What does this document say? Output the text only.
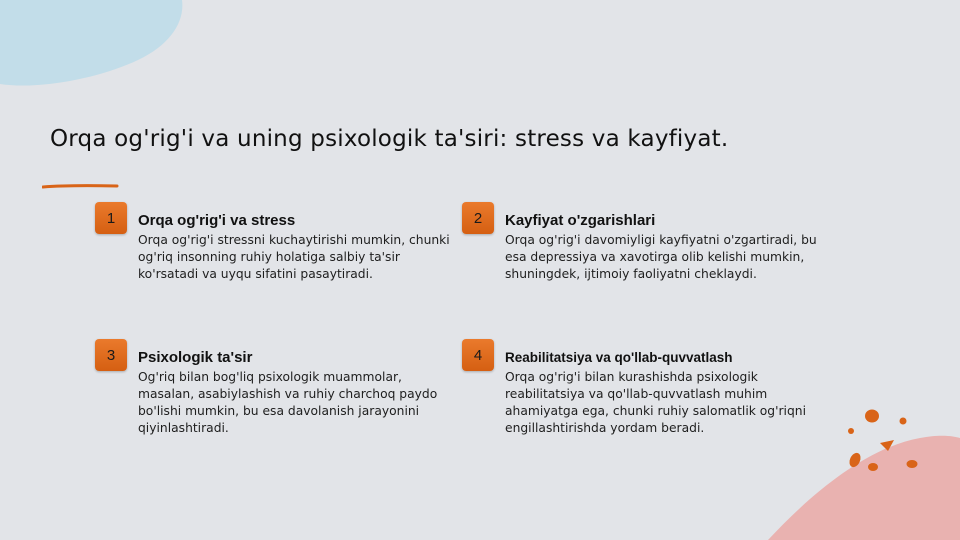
Orqa og'rig'i va uning psixologik ta'siri: stress va kayfiyat.
1	Orqa og'rig'i va stress

Orqa og'rig'i stressni kuchaytirishi mumkin, chunki og'riq insonning ruhiy holatiga salbiy ta'sir ko'rsatadi va uyqu sifatini pasaytiradi.

2	Kayfiyat o'zgarishlari

Orqa og'rig'i davomiyligi kayfiyatni o'zgartiradi, bu esa depressiya va xavotirga olib kelishi mumkin, shuningdek, ijtimoiy faoliyatni cheklaydi.

3	Psixologik ta'sir

Og'riq bilan bog'liq psixologik muammolar, masalan, asabiylashish va ruhiy charchoq paydo bo'lishi mumkin, bu esa davolanish jarayonini qiyinlashtiradi.

4	Reabilitatsiya va qo'llab-quvvatlash

Orqa og'rig'i bilan kurashishda psixologik reabilitatsiya va qo'llab-quvvatlash muhim ahamiyatga ega, chunki ruhiy salomatlik og'riqni engillashtirishda yordam beradi.
